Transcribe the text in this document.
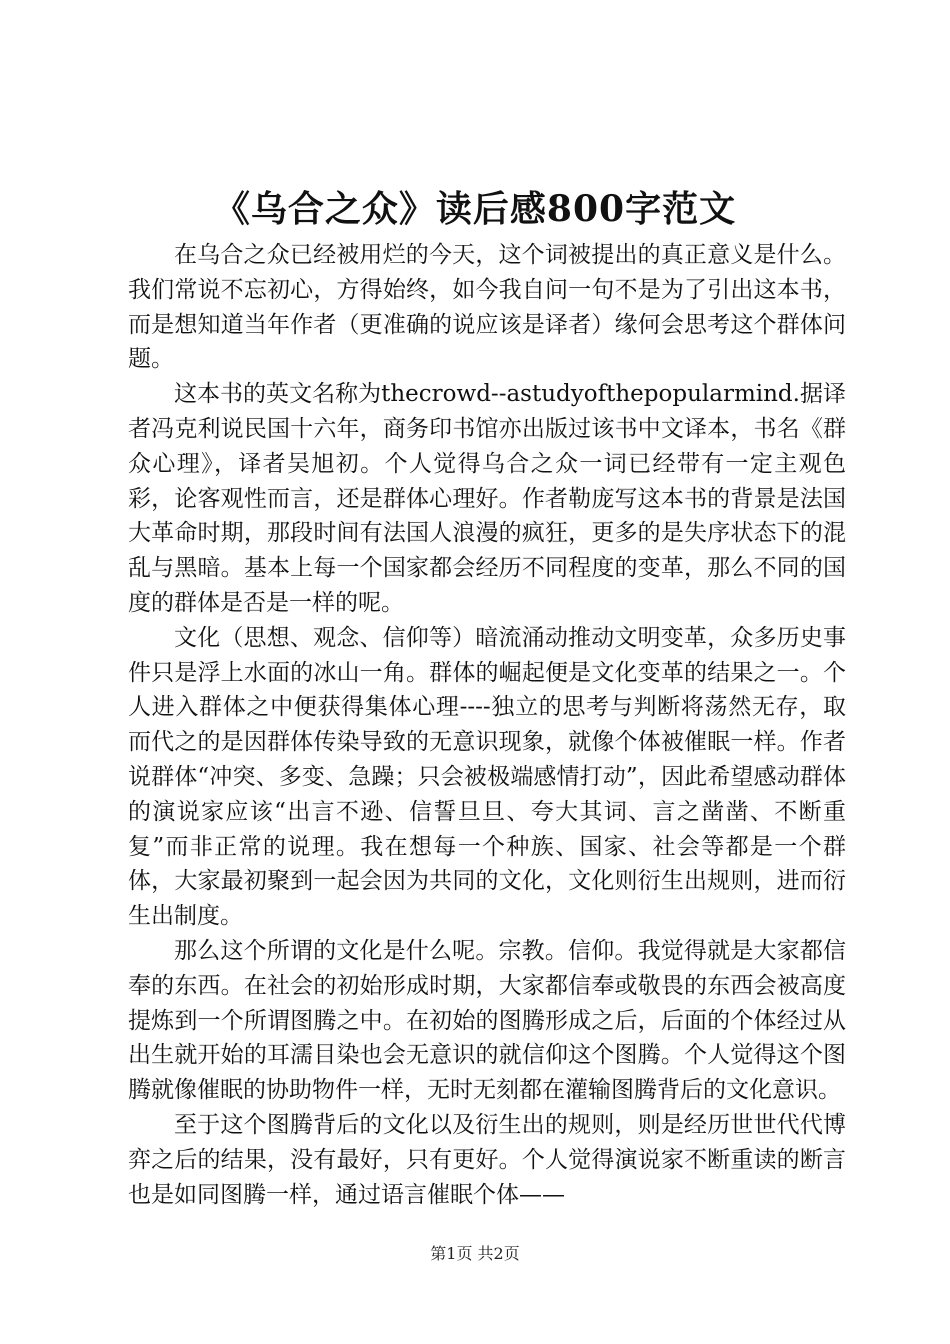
《乌合之众》读后感800字范文

在乌合之众已经被用烂的今天，这个词被提出的真正意义是什么。我们常说不忘初心，方得始终，如今我自问一句不是为了引出这本书，而是想知道当年作者（更准确的说应该是译者）缘何会思考这个群体问题。

这本书的英文名称为thecrowd--astudyofthepopularmind.据译者冯克利说民国十六年，商务印书馆亦出版过该书中文译本，书名《群众心理》，译者吴旭初。个人觉得乌合之众一词已经带有一定主观色彩，论客观性而言，还是群体心理好。作者勒庞写这本书的背景是法国大革命时期，那段时间有法国人浪漫的疯狂，更多的是失序状态下的混乱与黑暗。基本上每一个国家都会经历不同程度的变革，那么不同的国度的群体是否是一样的呢。

文化（思想、观念、信仰等）暗流涌动推动文明变革，众多历史事件只是浮上水面的冰山一角。群体的崛起便是文化变革的结果之一。个人进入群体之中便获得集体心理----独立的思考与判断将荡然无存，取而代之的是因群体传染导致的无意识现象，就像个体被催眠一样。作者说群体“冲突、多变、急躁；只会被极端感情打动”，因此希望感动群体的演说家应该“出言不逊、信誓旦旦、夸大其词、言之凿凿、不断重复”而非正常的说理。我在想每一个种族、国家、社会等都是一个群体，大家最初聚到一起会因为共同的文化，文化则衍生出规则，进而衍生出制度。

那么这个所谓的文化是什么呢。宗教。信仰。我觉得就是大家都信奉的东西。在社会的初始形成时期，大家都信奉或敬畏的东西会被高度提炼到一个所谓图腾之中。在初始的图腾形成之后，后面的个体经过从出生就开始的耳濡目染也会无意识的就信仰这个图腾。个人觉得这个图腾就像催眠的协助物件一样，无时无刻都在灌输图腾背后的文化意识。

至于这个图腾背后的文化以及衍生出的规则，则是经历世世代代博弈之后的结果，没有最好，只有更好。个人觉得演说家不断重读的断言也是如同图腾一样，通过语言催眠个体——

第1页 共2页
